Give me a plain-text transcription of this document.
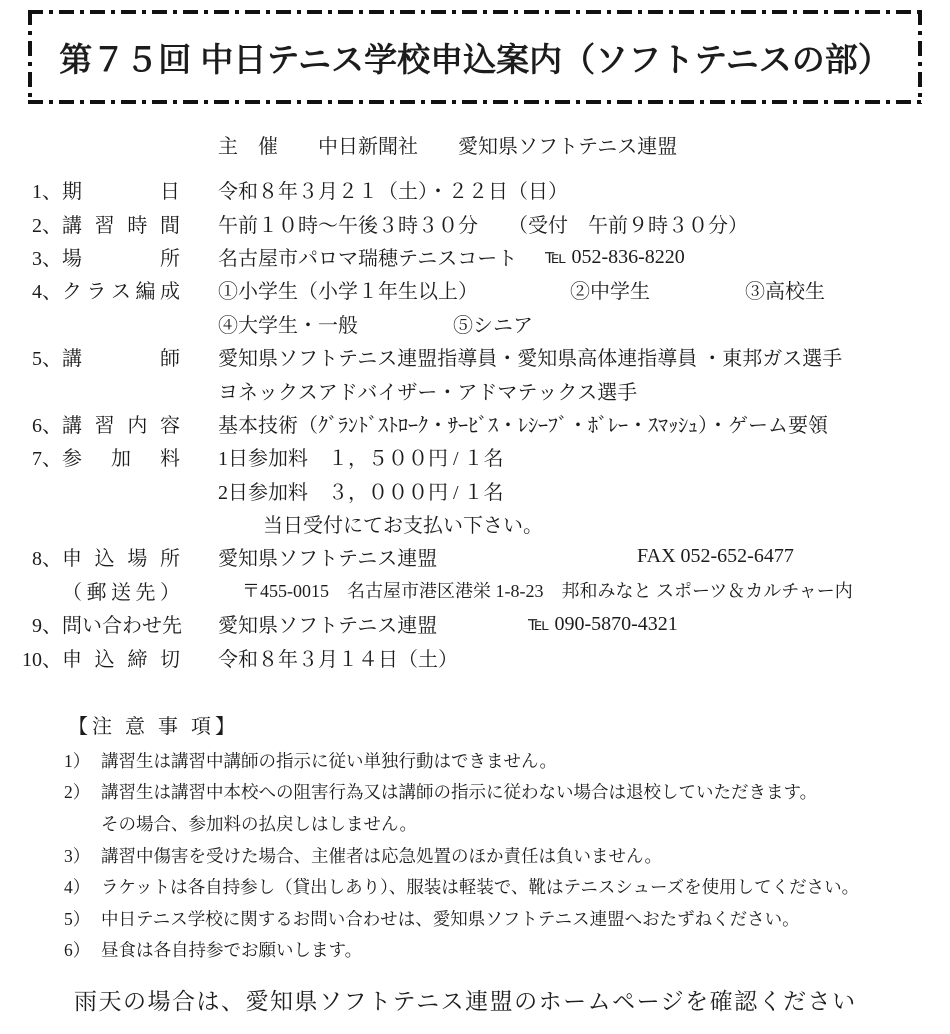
第７５回 中日テニス学校申込案内（ソフトテニスの部）
主　催　　中日新聞社　　愛知県ソフトテニス連盟
1、 期	日	令和８年３月２１（土）・２２日（日）
2、 講 習 時 間	午前１０時～午後３時３０分　　（受付　午前９時３０分）
3、 場	所 名古屋市パロマ瑞穂テニスコート	℡ 052-836-8220
4、 ク ラ ス 編 成 ①小学生（小学１年生以上）	②中学生	③高校生
④大学生・一般	⑤シニア
5、 講	師	愛知県ソフトテニス連盟指導員・愛知県高体連指導員 ・東邦ガス選手
ヨネックスアドバイザー・アドマテックス選手
6、 講 習 内 容	基本技術（ｸﾞﾗﾝﾄﾞｽﾄﾛｰｸ・ｻｰﾋﾞｽ・ﾚｼｰﾌﾞ・ﾎﾞﾚｰ・ｽﾏｯｼｭ）・ゲーム要領
7、 参 加 料	1日参加料　１，５００円 / １名
2日参加料　３，０００円 / １名
当日受付にてお支払い下さい。
8、 申 込 場 所 愛知県ソフトテニス連盟	FAX 052-652-6477
（ 郵 送 先 ）	〒455-0015　名古屋市港区港栄 1-8-23　邦和みなと スポーツ＆カルチャー内
9、 問 い 合 わ せ 先 愛知県ソフトテニス連盟	℡ 090-5870-4321
10、 申 込 締 切	令和８年３月１４日（土）
【注 意 事 項】
1） 講習生は講習中講師の指示に従い単独行動はできません。
2） 講習生は講習中本校への阻害行為又は講師の指示に従わない場合は退校していただきます。
その場合、参加料の払戻しはしません。
3） 講習中傷害を受けた場合、主催者は応急処置のほか責任は負いません。
4） ラケットは各自持参し（貸出しあり）、服装は軽装で、靴はテニスシューズを使用してください。
5） 中日テニス学校に関するお問い合わせは、愛知県ソフトテニス連盟へおたずねください。
6） 昼食は各自持参でお願いします。
雨天の場合は、愛知県ソフトテニス連盟のホームページを確認ください
